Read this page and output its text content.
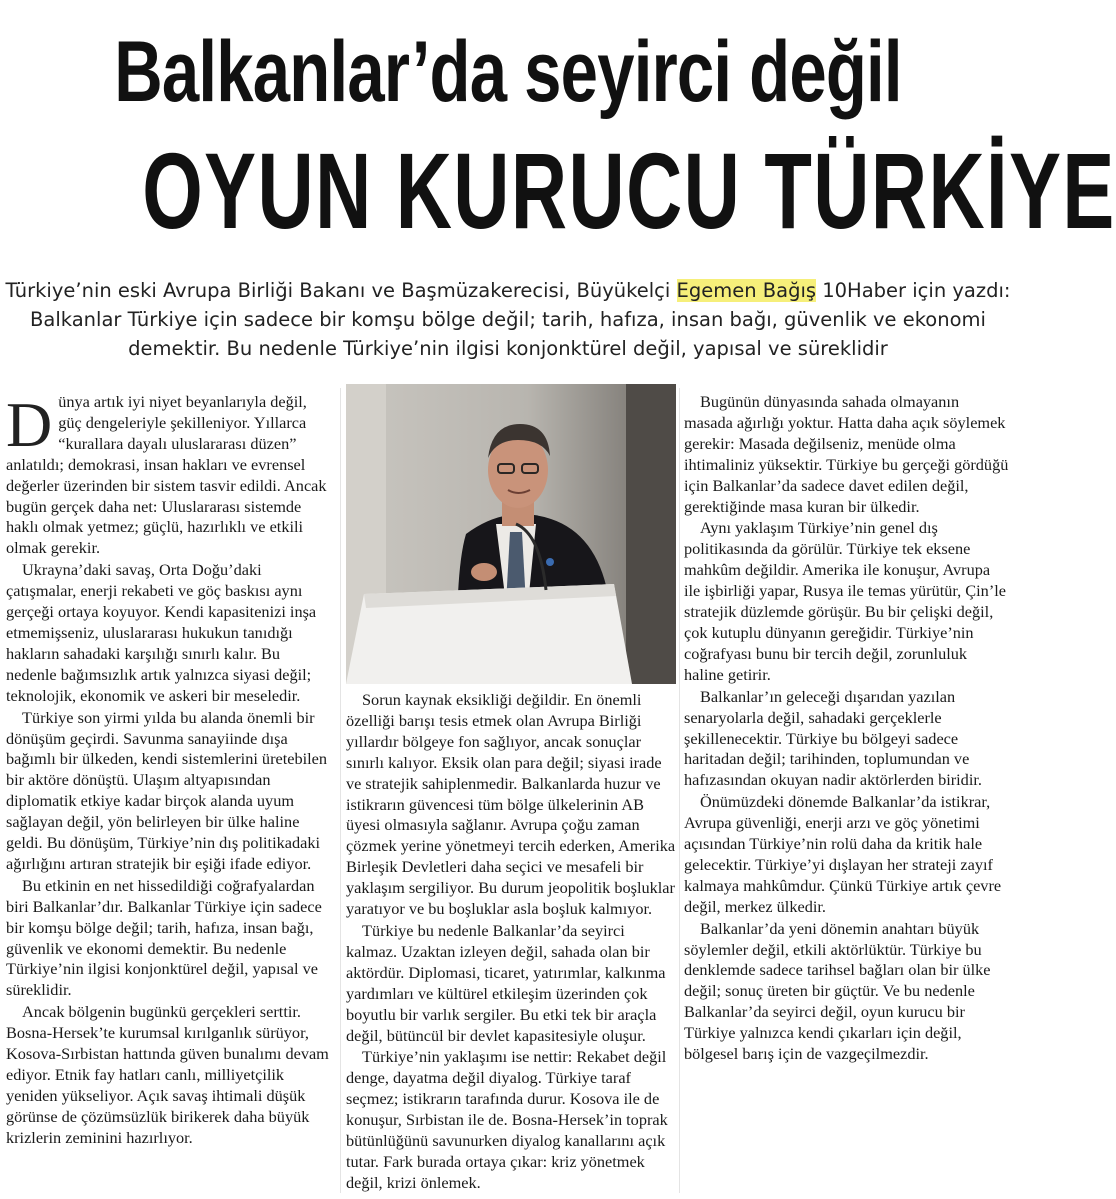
Balkanlar’da seyirci değil
OYUN KURUCU TÜRKİYE
Türkiye’nin eski Avrupa Birliği Bakanı ve Başmüzakerecisi, Büyükelçi Egemen Bağış 10Haber için yazdı: Balkanlar Türkiye için sadece bir komşu bölge değil; tarih, hafıza, insan bağı, güvenlik ve ekonomi demektir. Bu nedenle Türkiye’nin ilgisi konjonktürel değil, yapısal ve süreklidir
D ünya artık iyi niyet beyanlarıyla değil, güç dengeleriyle şekilleniyor. Yıllarca “kurallara dayalı uluslararası düzen” anlatıldı; demokrasi, insan hakları ve evrensel değerler üzerinden bir sistem tasvir edildi. Ancak bugün gerçek daha net: Uluslararası sistemde haklı olmak yetmez; güçlü, hazırlıklı ve etkili olmak gerekir.

Ukrayna’daki savaş, Orta Doğu’daki çatışmalar, enerji rekabeti ve göç baskısı aynı gerçeği ortaya koyuyor. Kendi kapasitenizi inşa etmemişseniz, uluslararası hukukun tanıdığı hakların sahadaki karşılığı sınırlı kalır. Bu nedenle bağımsızlık artık yalnızca siyasi değil; teknolojik, ekonomik ve askeri bir meseledir.

Türkiye son yirmi yılda bu alanda önemli bir dönüşüm geçirdi. Savunma sanayiinde dışa bağımlı bir ülkeden, kendi sistemlerini üretebilen bir aktöre dönüştü. Ulaşım altyapısından diplomatik etkiye kadar birçok alanda uyum sağlayan değil, yön belirleyen bir ülke haline geldi. Bu dönüşüm, Türkiye’nin dış politikadaki ağırlığını artıran stratejik bir eşiği ifade ediyor.

Bu etkinin en net hissedildiği coğrafyalardan biri Balkanlar’dır. Balkanlar Türkiye için sadece bir komşu bölge değil; tarih, hafıza, insan bağı, güvenlik ve ekonomi demektir. Bu nedenle Türkiye’nin ilgisi konjonktürel değil, yapısal ve süreklidir.

Ancak bölgenin bugünkü gerçekleri serttir. Bosna-Hersek’te kurumsal kırılganlık sürüyor, Kosova-Sırbistan hattında güven bunalımı devam ediyor. Etnik fay hatları canlı, milliyetçilik yeniden yükseliyor. Açık savaş ihtimali düşük görünse de çözümsüzlük birikerek daha büyük krizlerin zeminini hazırlıyor.

Sorun kaynak eksikliği değildir. En önemli özelliği barışı tesis etmek olan Avrupa Birliği yıllardır bölgeye fon sağlıyor, ancak sonuçlar sınırlı kalıyor. Eksik olan para değil; siyasi irade ve stratejik sahiplenmedir. Balkanlarda huzur ve istikrarın güvencesi tüm bölge ülkelerinin AB üyesi olmasıyla sağlanır. Avrupa çoğu zaman çözmek yerine yönetmeyi tercih ederken, Amerika Birleşik Devletleri daha seçici ve mesafeli bir yaklaşım sergiliyor. Bu durum jeopolitik boşluklar yaratıyor ve bu boşluklar asla boşluk kalmıyor.

Türkiye bu nedenle Balkanlar’da seyirci kalmaz. Uzaktan izleyen değil, sahada olan bir aktördür. Diplomasi, ticaret, yatırımlar, kalkınma yardımları ve kültürel etkileşim üzerinden çok boyutlu bir varlık sergiler. Bu etki tek bir araçla değil, bütüncül bir devlet kapasitesiyle oluşur.

Türkiye’nin yaklaşımı ise nettir: Rekabet değil denge, dayatma değil diyalog. Türkiye taraf seçmez; istikrarın tarafında durur. Kosova ile de konuşur, Sırbistan ile de. Bosna-Hersek’in toprak bütünlüğünü savunurken diyalog kanallarını açık tutar. Fark burada ortaya çıkar: kriz yönetmek değil, krizi önlemek.

Bugünün dünyasında sahada olmayanın masada ağırlığı yoktur. Hatta daha açık söylemek gerekir: Masada değilseniz, menüde olma ihtimaliniz yüksektir. Türkiye bu gerçeği gördüğü için Balkanlar’da sadece davet edilen değil, gerektiğinde masa kuran bir ülkedir.

Aynı yaklaşım Türkiye’nin genel dış politikasında da görülür. Türkiye tek eksene mahkûm değildir. Amerika ile konuşur, Avrupa ile işbirliği yapar, Rusya ile temas yürütür, Çin’le stratejik düzlemde görüşür. Bu bir çelişki değil, çok kutuplu dünyanın gereğidir. Türkiye’nin coğrafyası bunu bir tercih değil, zorunluluk haline getirir.

Balkanlar’ın geleceği dışarıdan yazılan senaryolarla değil, sahadaki gerçeklerle şekillenecektir. Türkiye bu bölgeyi sadece haritadan değil; tarihinden, toplumundan ve hafızasından okuyan nadir aktörlerden biridir.

Önümüzdeki dönemde Balkanlar’da istikrar, Avrupa güvenliği, enerji arzı ve göç yönetimi açısından Türkiye’nin rolü daha da kritik hale gelecektir. Türkiye’yi dışlayan her strateji zayıf kalmaya mahkûmdur. Çünkü Türkiye artık çevre değil, merkez ülkedir.

Balkanlar’da yeni dönemin anahtarı büyük söylemler değil, etkili aktörlüktür. Türkiye bu denklemde sadece tarihsel bağları olan bir ülke değil; sonuç üreten bir güçtür. Ve bu nedenle Balkanlar’da seyirci değil, oyun kurucu bir Türkiye yalnızca kendi çıkarları için değil, bölgesel barış için de vazgeçilmezdir.
